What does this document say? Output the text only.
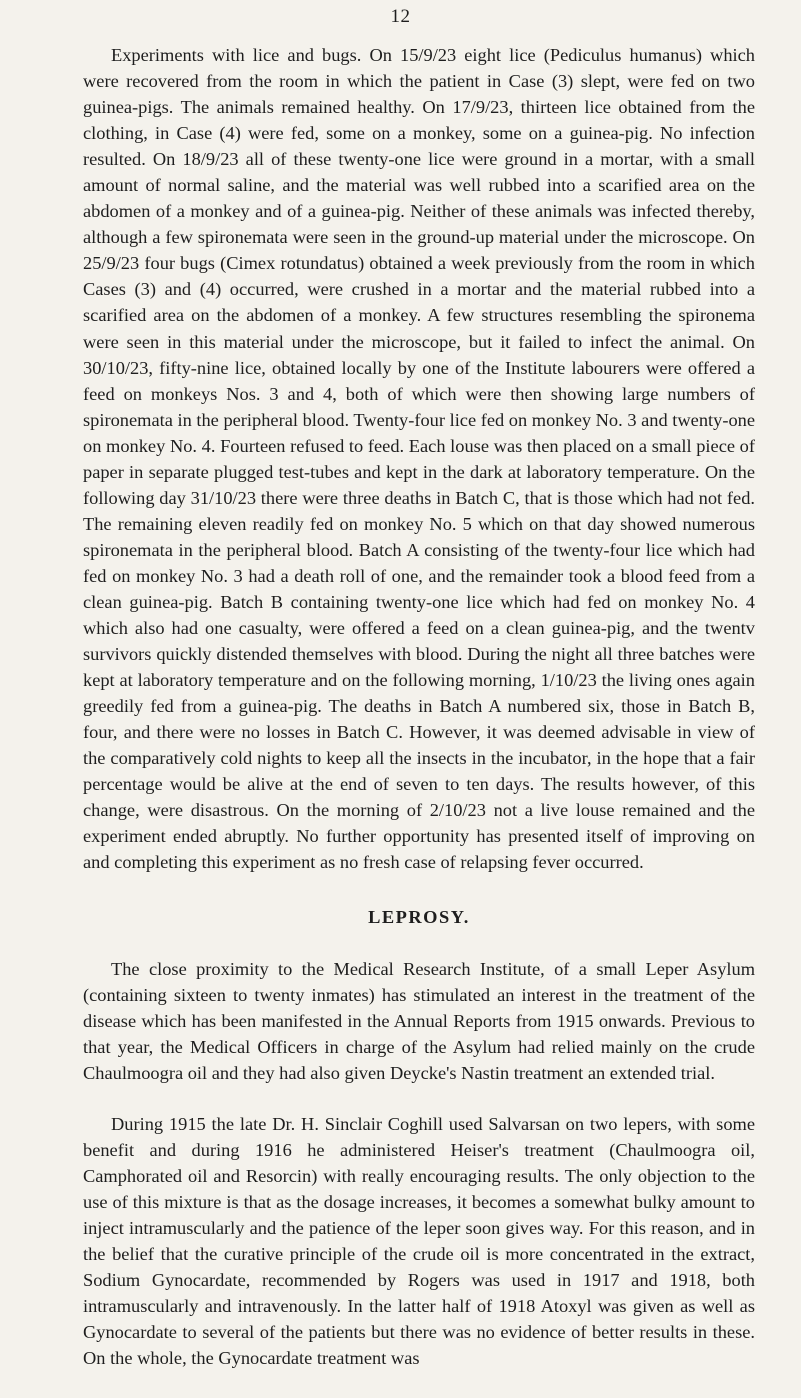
12

Experiments with lice and bugs. On 15/9/23 eight lice (Pediculus humanus) which were recovered from the room in which the patient in Case (3) slept, were fed on two guinea-pigs. The animals remained healthy. On 17/9/23, thirteen lice obtained from the clothing, in Case (4) were fed, some on a monkey, some on a guinea-pig. No infection resulted. On 18/9/23 all of these twenty-one lice were ground in a mortar, with a small amount of normal saline, and the material was well rubbed into a scarified area on the abdomen of a monkey and of a guinea-pig. Neither of these animals was infected thereby, although a few spironemata were seen in the ground-up material under the microscope. On 25/9/23 four bugs (Cimex rotundatus) obtained a week previously from the room in which Cases (3) and (4) occurred, were crushed in a mortar and the material rubbed into a scarified area on the abdomen of a monkey. A few structures resembling the spironema were seen in this material under the microscope, but it failed to infect the animal. On 30/10/23, fifty-nine lice, obtained locally by one of the Institute labourers were offered a feed on monkeys Nos. 3 and 4, both of which were then showing large numbers of spironemata in the peripheral blood. Twenty-four lice fed on monkey No. 3 and twenty-one on monkey No. 4. Fourteen refused to feed. Each louse was then placed on a small piece of paper in separate plugged test-tubes and kept in the dark at laboratory temperature. On the following day 31/10/23 there were three deaths in Batch C, that is those which had not fed. The remaining eleven readily fed on monkey No. 5 which on that day showed numerous spironemata in the peripheral blood. Batch A consisting of the twenty-four lice which had fed on monkey No. 3 had a death roll of one, and the remainder took a blood feed from a clean guinea-pig. Batch B containing twenty-one lice which had fed on monkey No. 4 which also had one casualty, were offered a feed on a clean guinea-pig, and the twentv survivors quickly distended themselves with blood. During the night all three batches were kept at laboratory temperature and on the following morning, 1/10/23 the living ones again greedily fed from a guinea-pig. The deaths in Batch A numbered six, those in Batch B, four, and there were no losses in Batch C. However, it was deemed advisable in view of the comparatively cold nights to keep all the insects in the incubator, in the hope that a fair percentage would be alive at the end of seven to ten days. The results however, of this change, were disastrous. On the morning of 2/10/23 not a live louse remained and the experiment ended abruptly. No further opportunity has presented itself of improving on and completing this experiment as no fresh case of relapsing fever occurred.

LEPROSY.

The close proximity to the Medical Research Institute, of a small Leper Asylum (containing sixteen to twenty inmates) has stimulated an interest in the treatment of the disease which has been manifested in the Annual Reports from 1915 onwards. Previous to that year, the Medical Officers in charge of the Asylum had relied mainly on the crude Chaulmoogra oil and they had also given Deycke's Nastin treatment an extended trial.

During 1915 the late Dr. H. Sinclair Coghill used Salvarsan on two lepers, with some benefit and during 1916 he administered Heiser's treatment (Chaulmoogra oil, Camphorated oil and Resorcin) with really encouraging results. The only objection to the use of this mixture is that as the dosage increases, it becomes a somewhat bulky amount to inject intramuscularly and the patience of the leper soon gives way. For this reason, and in the belief that the curative principle of the crude oil is more concentrated in the extract, Sodium Gynocardate, recommended by Rogers was used in 1917 and 1918, both intramuscularly and intravenously. In the latter half of 1918 Atoxyl was given as well as Gynocardate to several of the patients but there was no evidence of better results in these. On the whole, the Gynocardate treatment was
